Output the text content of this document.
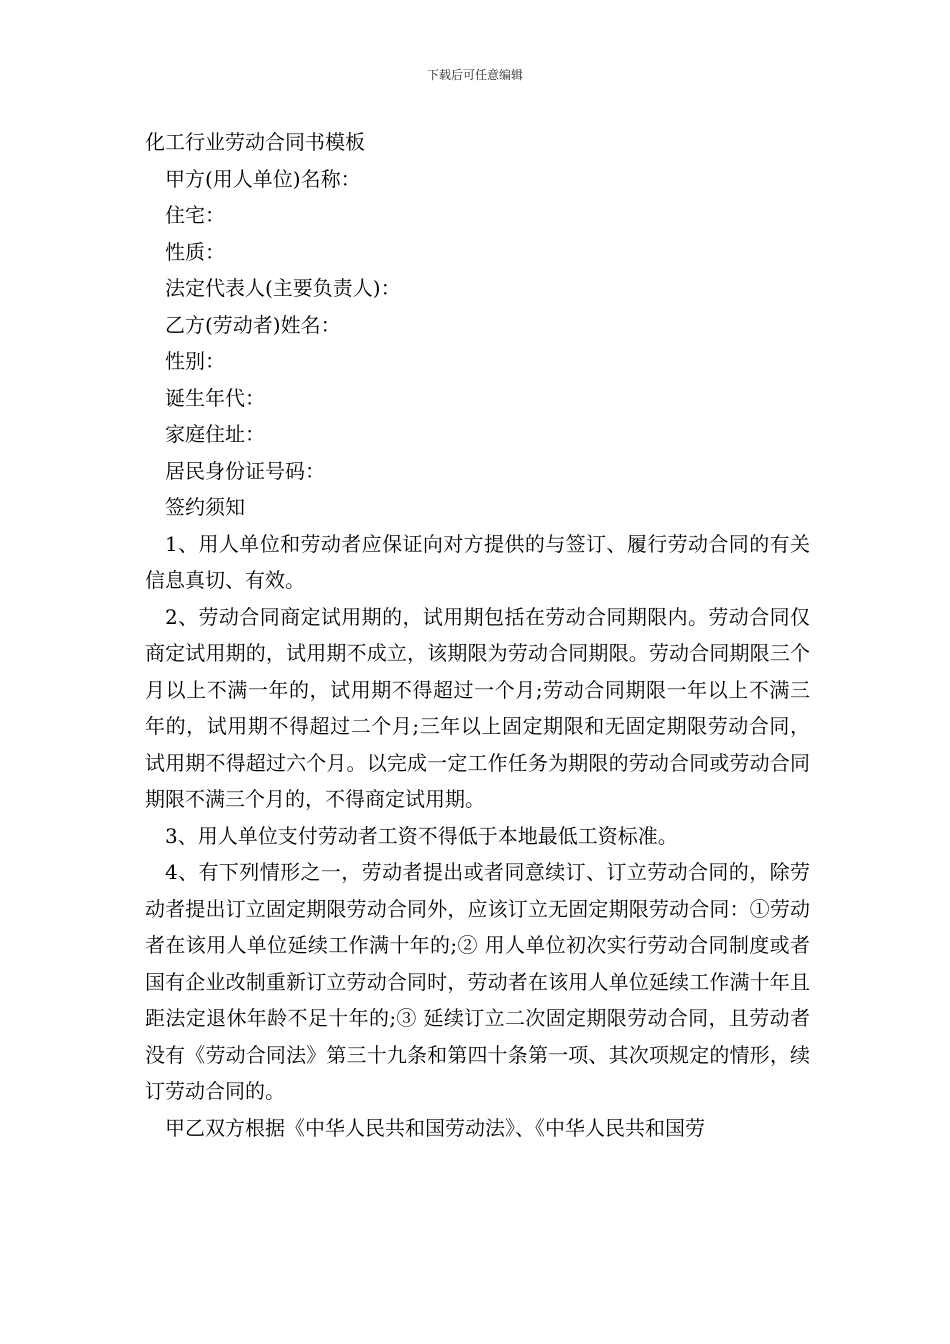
下载后可任意编辑

化工行业劳动合同书模板

甲方(用人单位)名称：

住宅：

性质：

法定代表人(主要负责人)：

乙方(劳动者)姓名：

性别：

诞生年代：

家庭住址：

居民身份证号码：

签约须知

1、用人单位和劳动者应保证向对方提供的与签订、履行劳动合同的有关信息真切、有效。

2、劳动合同商定试用期的，试用期包括在劳动合同期限内。劳动合同仅商定试用期的，试用期不成立，该期限为劳动合同期限。劳动合同期限三个月以上不满一年的，试用期不得超过一个月;劳动合同期限一年以上不满三年的，试用期不得超过二个月;三年以上固定期限和无固定期限劳动合同，试用期不得超过六个月。以完成一定工作任务为期限的劳动合同或劳动合同期限不满三个月的，不得商定试用期。

3、用人单位支付劳动者工资不得低于本地最低工资标准。

4、有下列情形之一，劳动者提出或者同意续订、订立劳动合同的，除劳动者提出订立固定期限劳动合同外，应该订立无固定期限劳动合同：①劳动者在该用人单位延续工作满十年的;② 用人单位初次实行劳动合同制度或者国有企业改制重新订立劳动合同时，劳动者在该用人单位延续工作满十年且距法定退休年龄不足十年的;③ 延续订立二次固定期限劳动合同，且劳动者没有《劳动合同法》第三十九条和第四十条第一项、其次项规定的情形，续订劳动合同的。

甲乙双方根据《中华人民共和国劳动法》、《中华人民共和国劳
